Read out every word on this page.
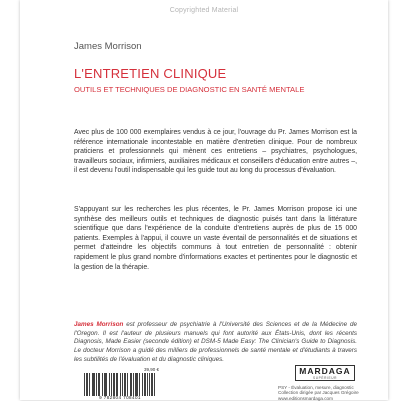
Copyrighted Material
James Morrison
L'ENTRETIEN CLINIQUE
OUTILS ET TECHNIQUES DE DIAGNOSTIC EN SANTÉ MENTALE
Avec plus de 100 000 exemplaires vendus à ce jour, l'ouvrage du Pr. James Morrison est la référence internationale incontestable en matière d'entretien clinique. Pour de nombreux praticiens et professionnels qui mènent ces entretiens – psychiatres, psychologues, travailleurs sociaux, infirmiers, auxiliaires médicaux et conseillers d'éducation entre autres –, il est devenu l'outil indispensable qui les guide tout au long du processus d'évaluation.
S'appuyant sur les recherches les plus récentes, le Pr. James Morrison propose ici une synthèse des meilleurs outils et techniques de diagnostic puisés tant dans la littérature scientifique que dans l'expérience de la conduite d'entretiens auprès de plus de 15 000 patients. Exemples à l'appui, il couvre un vaste éventail de personnalités et de situations et permet d'atteindre les objectifs communs à tout entretien de personnalité : obtenir rapidement le plus grand nombre d'informations exactes et pertinentes pour le diagnostic et la gestion de la thérapie.
James Morrison est professeur de psychiatrie à l'Université des Sciences et de la Médecine de l'Oregon. Il est l'auteur de plusieurs manuels qui font autorité aux États-Unis, dont les récents Diagnosis, Made Easier (seconde édition) et DSM-5 Made Easy: The Clinician's Guide to Diagnosis. Le docteur Morrison a guidé des milliers de professionnels de santé mentale et d'étudiants à travers les subtilités de l'évaluation et du diagnostic cliniques.
39,90 €
9 782804 708401
MARDAGA
SUPÉRIEUR
PSY - Évaluation, mesure, diagnostic
Collection dirigée par Jacques Grégoire
www.editionsmardaga.com
